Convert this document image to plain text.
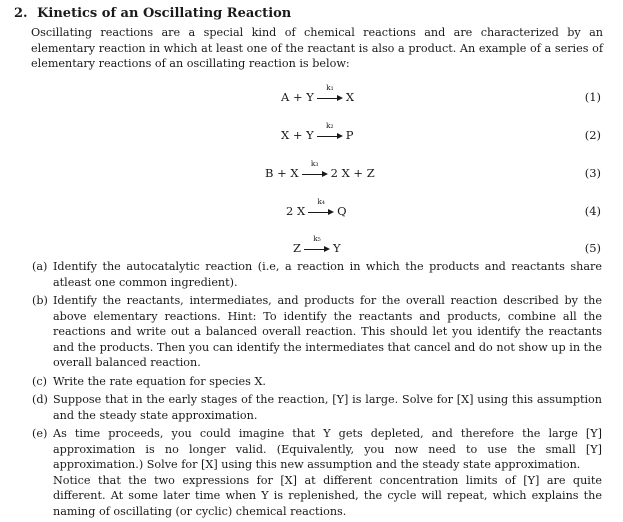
2. Kinetics of an Oscillating Reaction
Oscillating reactions are a special kind of chemical reactions and are characterized by an elementary reaction in which at least one of the reactant is also a product. An example of a series of elementary reactions of an oscillating reaction is below:
A + Y
k₁
X	(1)
X + Y
k₂
P	(2)
B + X
k₃
2 X + Z	(3)
2 X
k₄
Q	(4)
Z
k₅
Y	(5)
(a) Identify the autocatalytic reaction (i.e, a reaction in which the products and reactants share atleast one common ingredient).
(b) Identify the reactants, intermediates, and products for the overall reaction described by the above elementary reactions. Hint: To identify the reactants and products, combine all the reactions and write out a balanced overall reaction. This should let you identify the reactants and the products. Then you can identify the intermediates that cancel and do not show up in the overall balanced reaction.
(c) Write the rate equation for species X.
(d) Suppose that in the early stages of the reaction, [Y] is large. Solve for [X] using this assumption and the steady state approximation.
(e) As time proceeds, you could imagine that Y gets depleted, and therefore the large [Y] approximation is no longer valid. (Equivalently, you now need to use the small [Y] approximation.) Solve for [X] using this new assumption and the steady state approximation.
Notice that the two expressions for [X] at different concentration limits of [Y] are quite different. At some later time when Y is replenished, the cycle will repeat, which explains the naming of oscillating (or cyclic) chemical reactions.
